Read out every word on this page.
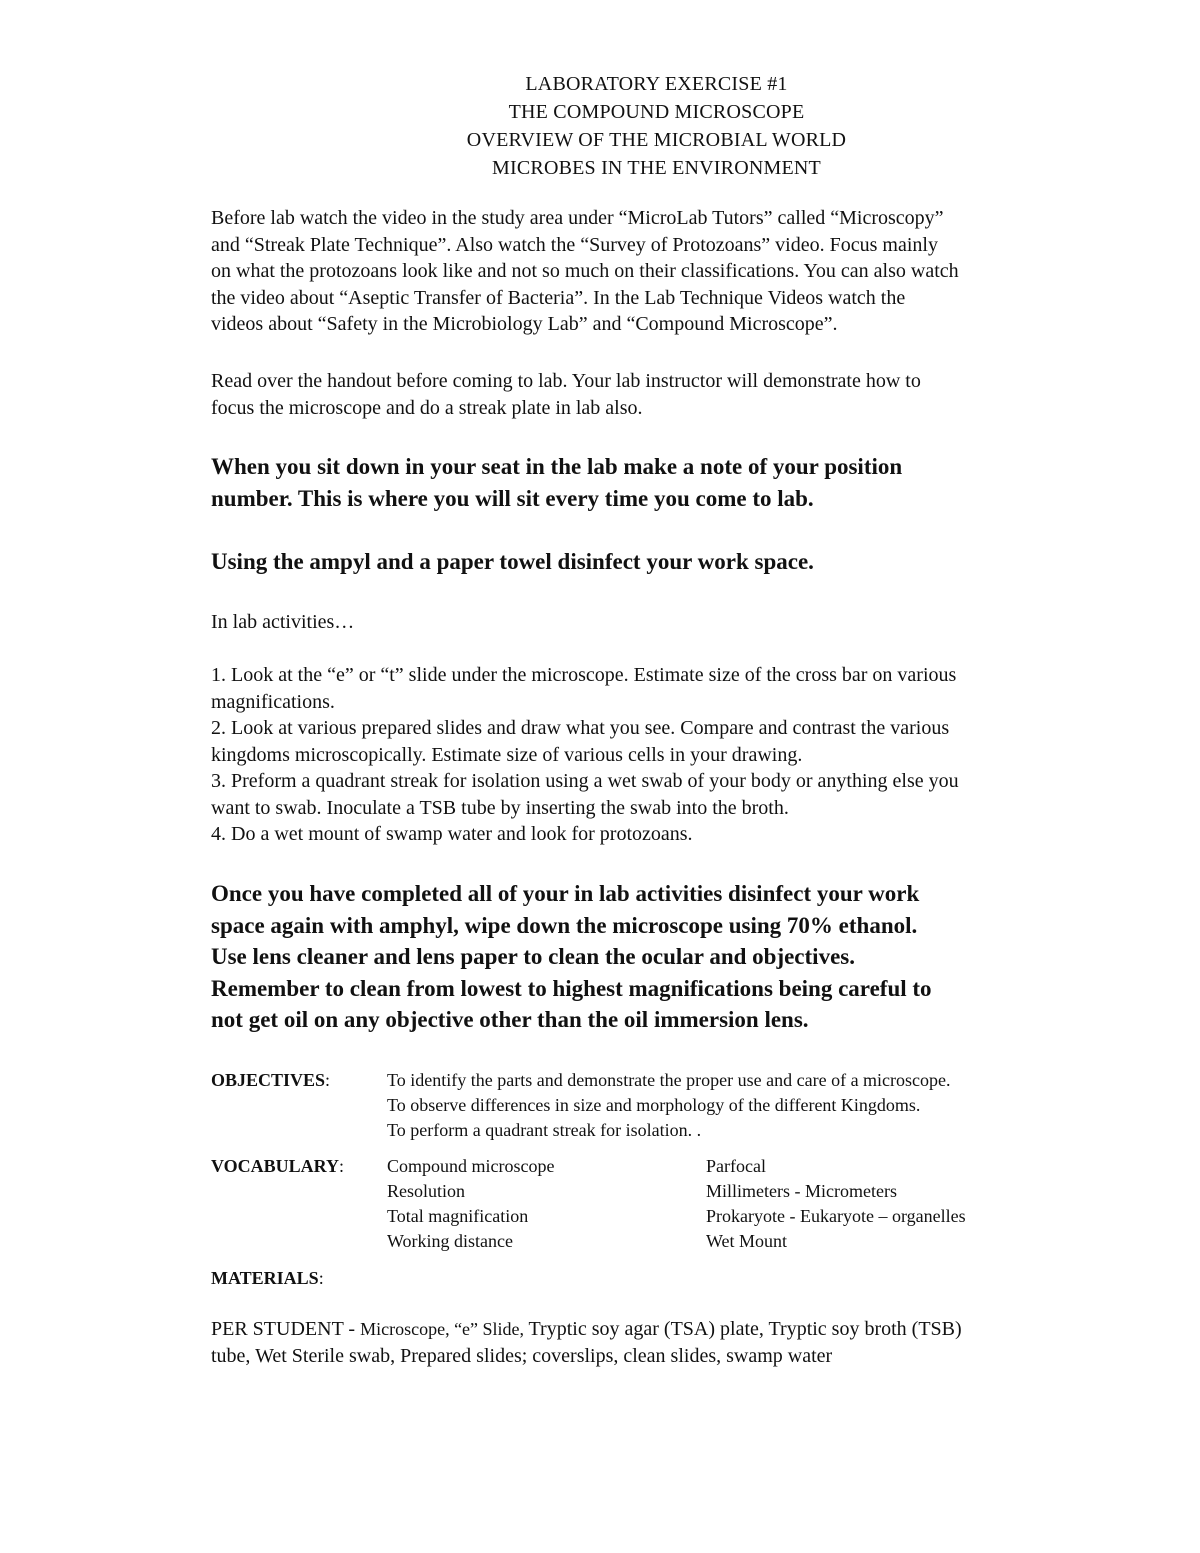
LABORATORY EXERCISE #1
THE COMPOUND MICROSCOPE
OVERVIEW OF THE MICROBIAL WORLD
MICROBES IN THE ENVIRONMENT
Before lab watch the video in the study area under “MicroLab Tutors” called “Microscopy”
and “Streak Plate Technique”. Also watch the “Survey of Protozoans” video. Focus mainly
on what the protozoans look like and not so much on their classifications. You can also watch
the video about “Aseptic Transfer of Bacteria”. In the Lab Technique Videos watch the
videos about “Safety in the Microbiology Lab” and “Compound Microscope”.
Read over the handout before coming to lab. Your lab instructor will demonstrate how to
focus the microscope and do a streak plate in lab also.
When you sit down in your seat in the lab make a note of your position
number. This is where you will sit every time you come to lab.
Using the ampyl and a paper towel disinfect your work space.
In lab activities…
1. Look at the “e” or “t” slide under the microscope. Estimate size of the cross bar on various
magnifications.
2. Look at various prepared slides and draw what you see. Compare and contrast the various
kingdoms microscopically. Estimate size of various cells in your drawing.
3. Preform a quadrant streak for isolation using a wet swab of your body or anything else you
want to swab. Inoculate a TSB tube by inserting the swab into the broth.
4. Do a wet mount of swamp water and look for protozoans.
Once you have completed all of your in lab activities disinfect your work
space again with amphyl, wipe down the microscope using 70% ethanol.
Use lens cleaner and lens paper to clean the ocular and objectives.
Remember to clean from lowest to highest magnifications being careful to
not get oil on any objective other than the oil immersion lens.
OBJECTIVES:	To identify the parts and demonstrate the proper use and care of a microscope.
To observe differences in size and morphology of the different Kingdoms.
To perform a quadrant streak for isolation. .
VOCABULARY: Compound microscope
Resolution
Total magnification
Working distance
Parfocal
Millimeters - Micrometers
Prokaryote - Eukaryote – organelles
Wet Mount
MATERIALS:
PER STUDENT - Microscope, “e” Slide, Tryptic soy agar (TSA) plate, Tryptic soy broth (TSB)
tube, Wet Sterile swab, Prepared slides; coverslips, clean slides, swamp water
